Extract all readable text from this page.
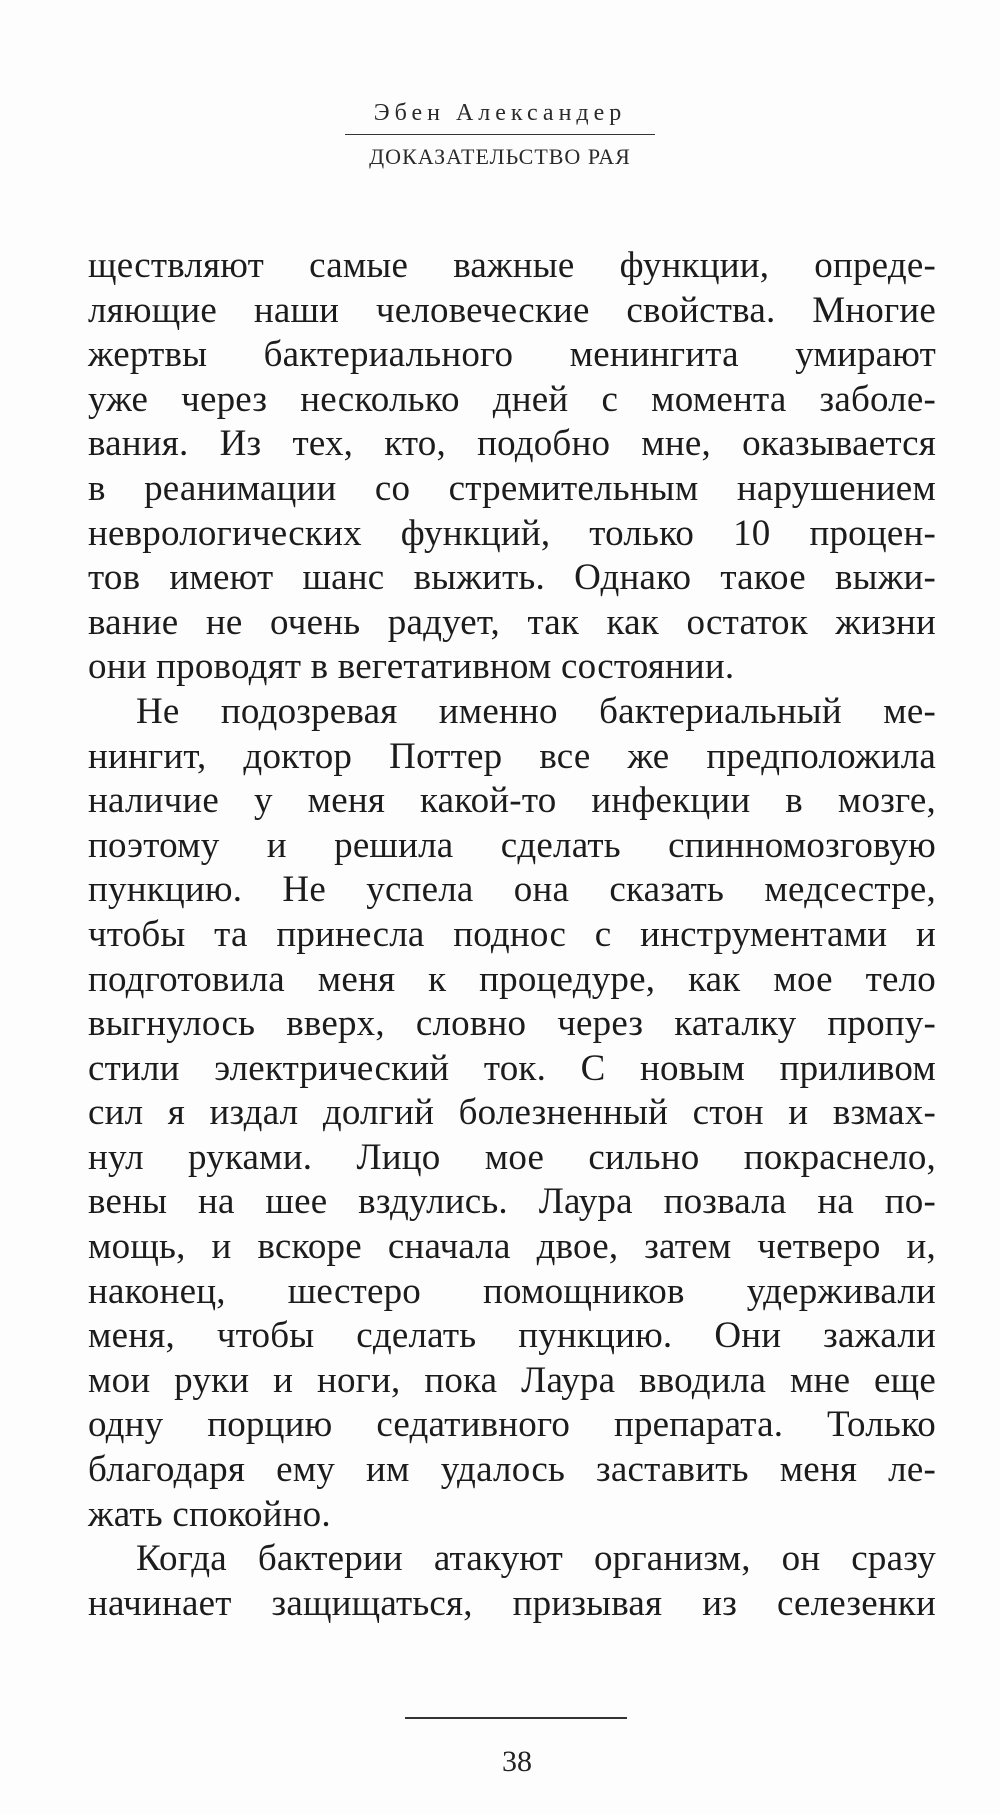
Эбен Александер
ДОКАЗАТЕЛЬСТВО РАЯ
ществляют самые важные функции, опреде-
ляющие наши человеческие свойства. Многие
жертвы бактериального менингита умирают
уже через несколько дней с момента заболе-
вания. Из тех, кто, подобно мне, оказывается
в реанимации со стремительным нарушением
неврологических функций, только 10 процен-
тов имеют шанс выжить. Однако такое выжи-
вание не очень радует, так как остаток жизни
они проводят в вегетативном состоянии.
Не подозревая именно бактериальный ме-
нингит, доктор Поттер все же предположила
наличие у меня какой-то инфекции в мозге,
поэтому и решила сделать спинномозговую
пункцию. Не успела она сказать медсестре,
чтобы та принесла поднос с инструментами и
подготовила меня к процедуре, как мое тело
выгнулось вверх, словно через каталку пропу-
стили электрический ток. С новым приливом
сил я издал долгий болезненный стон и взмах-
нул руками. Лицо мое сильно покраснело,
вены на шее вздулись. Лаура позвала на по-
мощь, и вскоре сначала двое, затем четверо и,
наконец, шестеро помощников удерживали
меня, чтобы сделать пункцию. Они зажали
мои руки и ноги, пока Лаура вводила мне еще
одну порцию седативного препарата. Только
благодаря ему им удалось заставить меня ле-
жать спокойно.
Когда бактерии атакуют организм, он сразу
начинает защищаться, призывая из селезенки
38
